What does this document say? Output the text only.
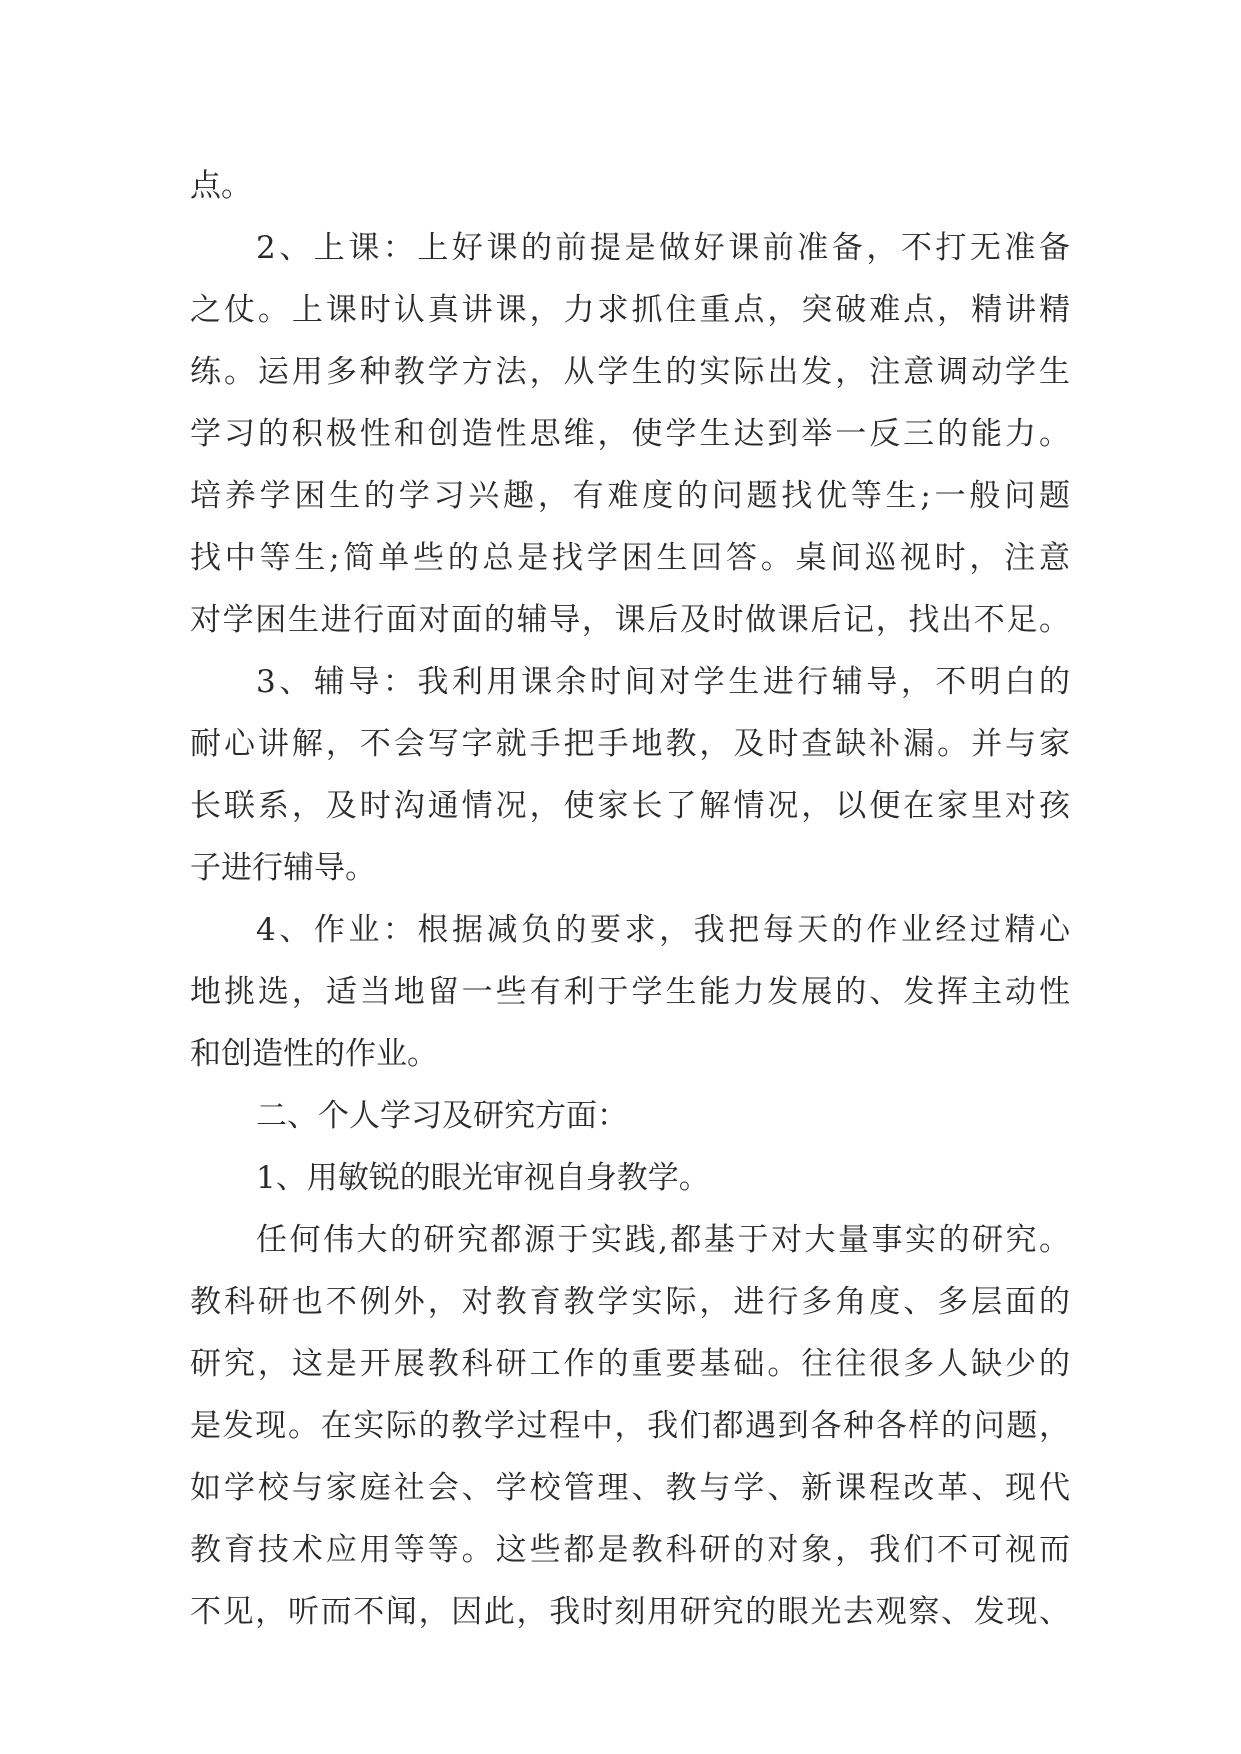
点。
2、上课：上好课的前提是做好课前准备，不打无准备
之仗。上课时认真讲课，力求抓住重点，突破难点，精讲精
练。运用多种教学方法，从学生的实际出发，注意调动学生
学习的积极性和创造性思维，使学生达到举一反三的能力。
培养学困生的学习兴趣，有难度的问题找优等生;一般问题
找中等生;简单些的总是找学困生回答。桌间巡视时，注意
对学困生进行面对面的辅导，课后及时做课后记，找出不足。
3、辅导：我利用课余时间对学生进行辅导，不明白的
耐心讲解，不会写字就手把手地教，及时查缺补漏。并与家
长联系，及时沟通情况，使家长了解情况，以便在家里对孩
子进行辅导。
4、作业：根据减负的要求，我把每天的作业经过精心
地挑选，适当地留一些有利于学生能力发展的、发挥主动性
和创造性的作业。
二、个人学习及研究方面：
1、用敏锐的眼光审视自身教学。
任何伟大的研究都源于实践,都基于对大量事实的研究。
教科研也不例外，对教育教学实际，进行多角度、多层面的
研究，这是开展教科研工作的重要基础。往往很多人缺少的
是发现。在实际的教学过程中，我们都遇到各种各样的问题，
如学校与家庭社会、学校管理、教与学、新课程改革、现代
教育技术应用等等。这些都是教科研的对象，我们不可视而
不见，听而不闻，因此，我时刻用研究的眼光去观察、发现、
